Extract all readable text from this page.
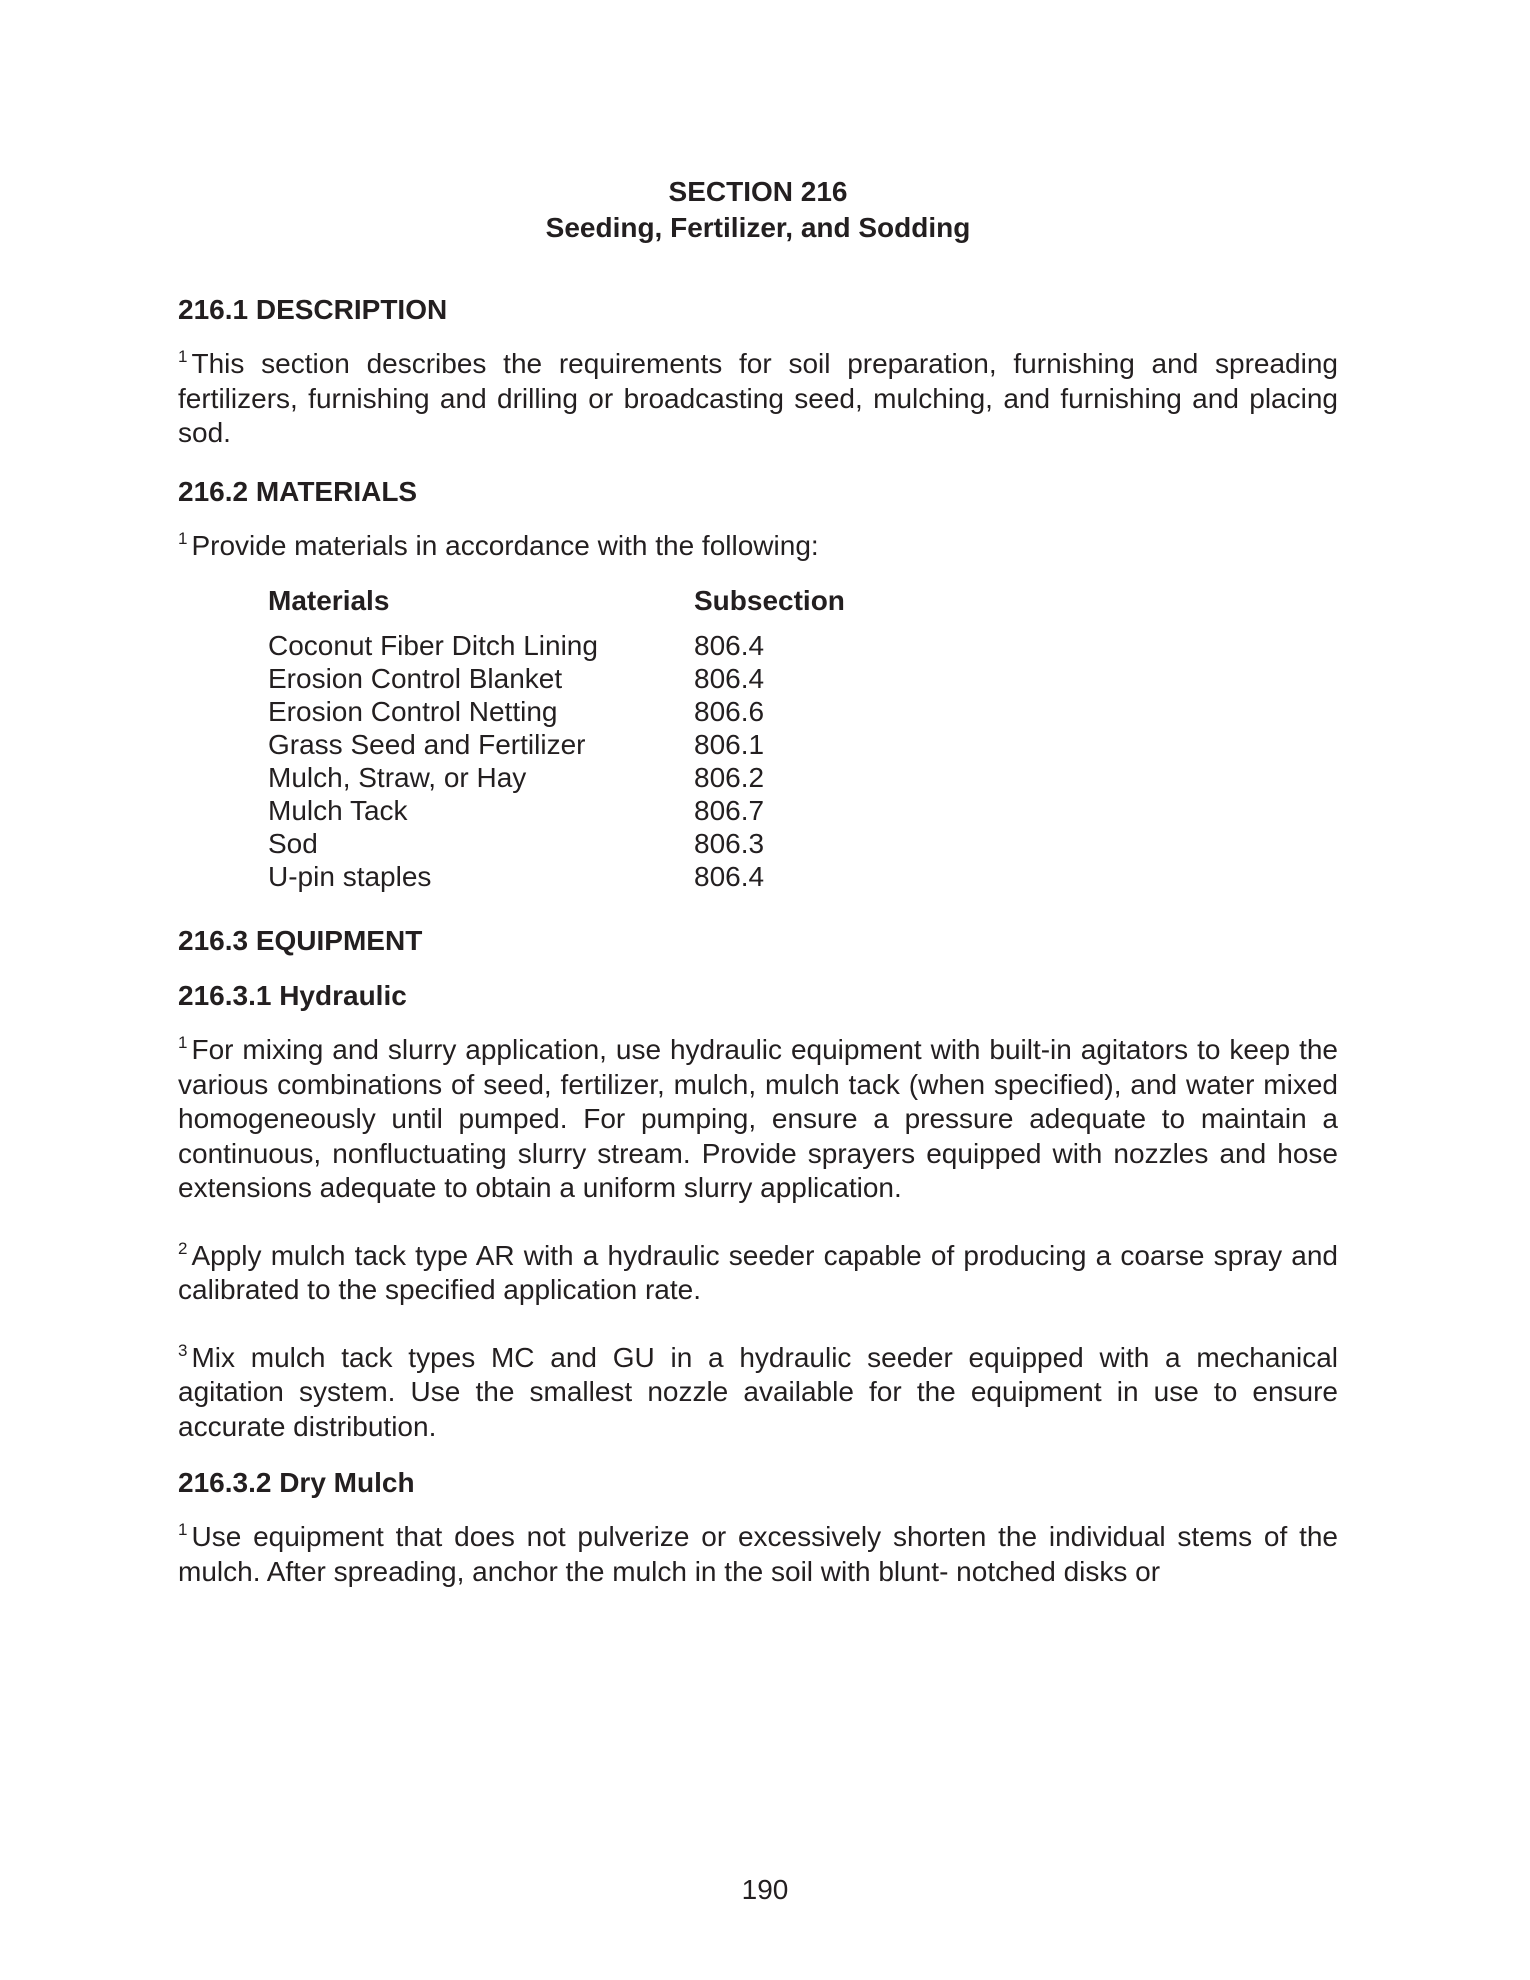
SECTION 216
Seeding, Fertilizer, and Sodding
216.1 DESCRIPTION

$^1$ This section describes the requirements for soil preparation, furnishing and spreading fertilizers, furnishing and drilling or broadcasting seed, mulching, and furnishing and placing sod.

216.2 MATERIALS

$^1$ Provide materials in accordance with the following:

Materials	Subsection
Coconut Fiber Ditch Lining	806.4
Erosion Control Blanket	806.4
Erosion Control Netting	806.6
Grass Seed and Fertilizer	806.1
Mulch, Straw, or Hay	806.2
Mulch Tack	806.7
Sod	806.3
U-pin staples	806.4
216.3 EQUIPMENT
216.3.1 Hydraulic

$^1$ For mixing and slurry application, use hydraulic equipment with built-in agitators to keep the various combinations of seed, fertilizer, mulch, mulch tack (when specified), and water mixed homogeneously until pumped. For pumping, ensure a pressure adequate to maintain a continuous, nonfluctuating slurry stream. Provide sprayers equipped with nozzles and hose extensions adequate to obtain a uniform slurry application.

$^2$ Apply mulch tack type AR with a hydraulic seeder capable of producing a coarse spray and calibrated to the specified application rate.

$^3$ Mix mulch tack types MC and GU in a hydraulic seeder equipped with a mechanical agitation system. Use the smallest nozzle available for the equipment in use to ensure accurate distribution.

216.3.2 Dry Mulch

$^1$ Use equipment that does not pulverize or excessively shorten the individual stems of the mulch. After spreading, anchor the mulch in the soil with blunt- notched disks or

190
